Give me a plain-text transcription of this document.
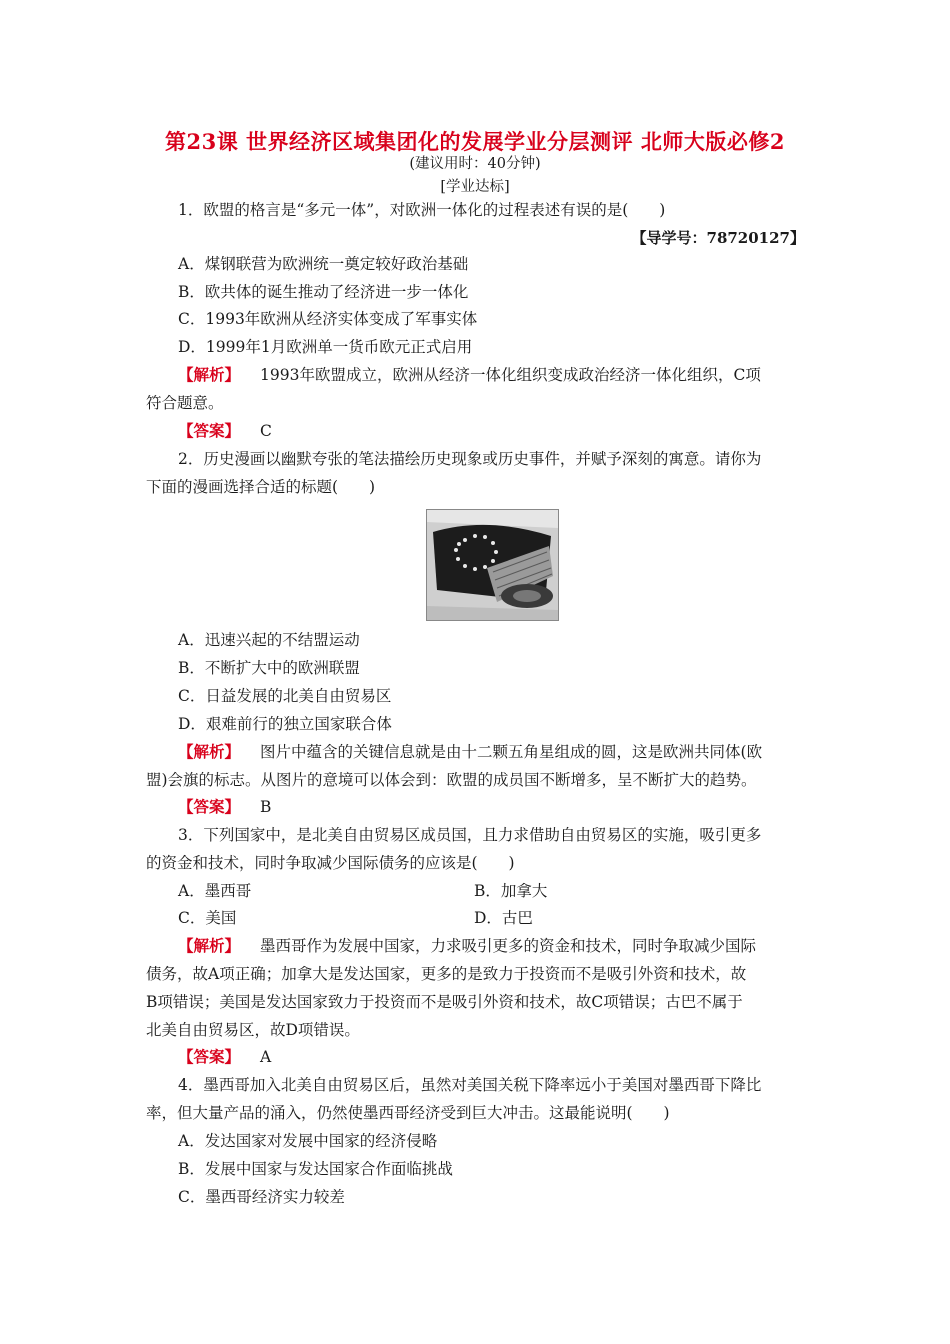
第23课 世界经济区域集团化的发展学业分层测评 北师大版必修2
(建议用时：40分钟)
[学业达标]
1．欧盟的格言是“多元一体”，对欧洲一体化的过程表述有误的是(　　)
【导学号：78720127】
A．煤钢联营为欧洲统一奠定较好政治基础
B．欧共体的诞生推动了经济进一步一体化
C．1993年欧洲从经济实体变成了军事实体
D．1999年1月欧洲单一货币欧元正式启用
【解析】 1993年欧盟成立，欧洲从经济一体化组织变成政治经济一体化组织，C项
符合题意。
【答案】 C
2．历史漫画以幽默夸张的笔法描绘历史现象或历史事件，并赋予深刻的寓意。请你为
下面的漫画选择合适的标题(　　)
A．迅速兴起的不结盟运动
B．不断扩大中的欧洲联盟
C．日益发展的北美自由贸易区
D．艰难前行的独立国家联合体
【解析】 图片中蕴含的关键信息就是由十二颗五角星组成的圆，这是欧洲共同体(欧
盟)会旗的标志。从图片的意境可以体会到：欧盟的成员国不断增多，呈不断扩大的趋势。
【答案】 B
3．下列国家中，是北美自由贸易区成员国，且力求借助自由贸易区的实施，吸引更多
的资金和技术，同时争取减少国际债务的应该是(　　)
A．墨西哥	B．加拿大
C．美国	D．古巴
【解析】 墨西哥作为发展中国家，力求吸引更多的资金和技术，同时争取减少国际
债务，故A项正确；加拿大是发达国家，更多的是致力于投资而不是吸引外资和技术，故
B项错误；美国是发达国家致力于投资而不是吸引外资和技术，故C项错误；古巴不属于
北美自由贸易区，故D项错误。
【答案】 A
4．墨西哥加入北美自由贸易区后，虽然对美国关税下降率远小于美国对墨西哥下降比
率，但大量产品的涌入，仍然使墨西哥经济受到巨大冲击。这最能说明(　　)
A．发达国家对发展中国家的经济侵略
B．发展中国家与发达国家合作面临挑战
C．墨西哥经济实力较差
